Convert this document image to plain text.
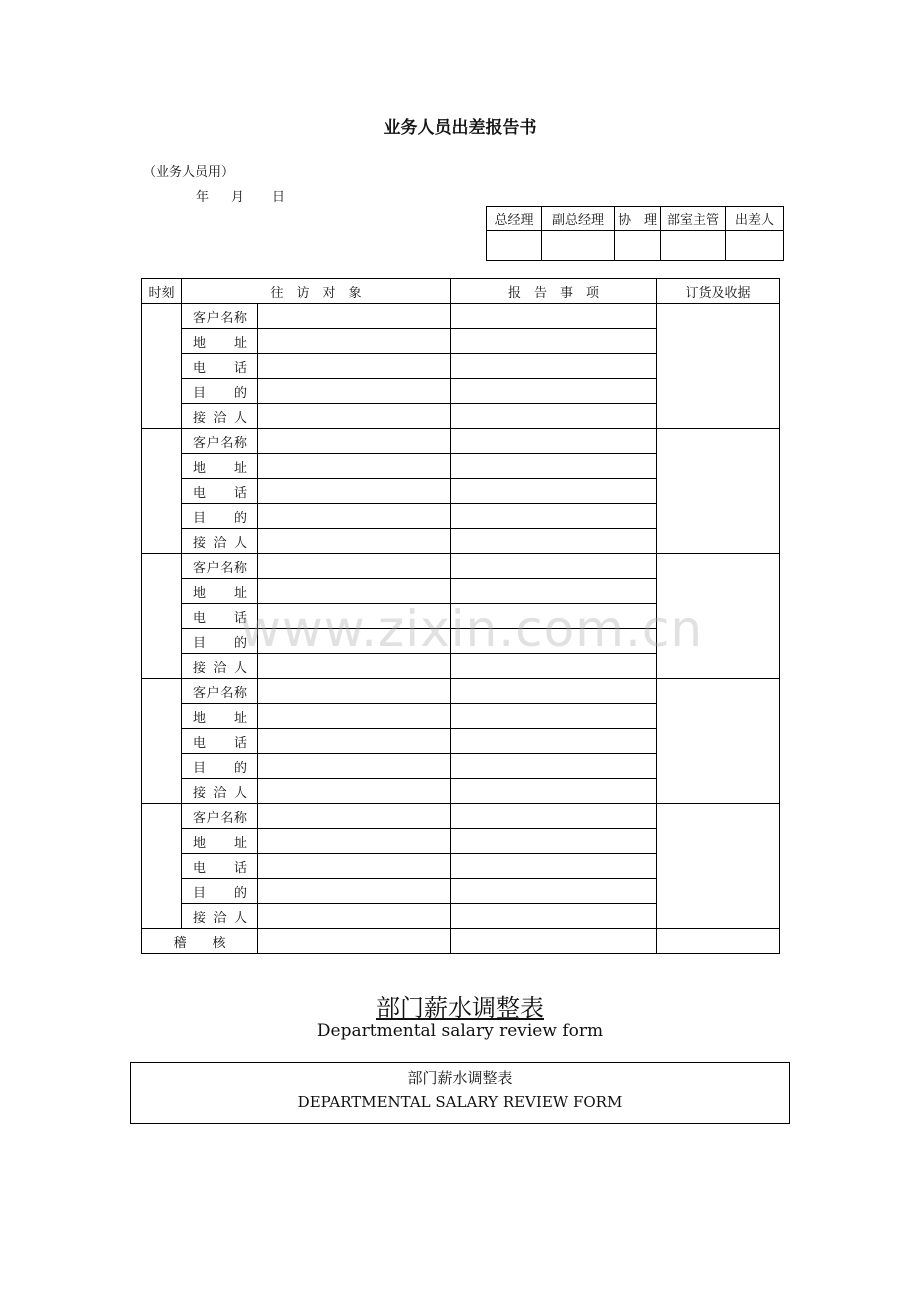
业务人员出差报告书
（业务人员用）
年 月 日
总经理	副总经理	协　理	部室主管	出差人

时刻	往　访　对　象		报　告　事　项	订货及收据
	客户名称			
	地址			
	电话			
	目的			
	接洽人			
	客户名称			
	地址			
	电话			
	目的			
	接洽人			
	客户名称			
	地址			
	电话			
	目的			
	接洽人			
	客户名称			
	地址			
	电话			
	目的			
	接洽人			
	客户名称			
	地址			
	电话			
	目的			
	接洽人			
稽　　核				
www.zixin.com.cn
部门薪水调整表
Departmental salary review form
部门薪水调整表
DEPARTMENTAL SALARY REVIEW FORM
